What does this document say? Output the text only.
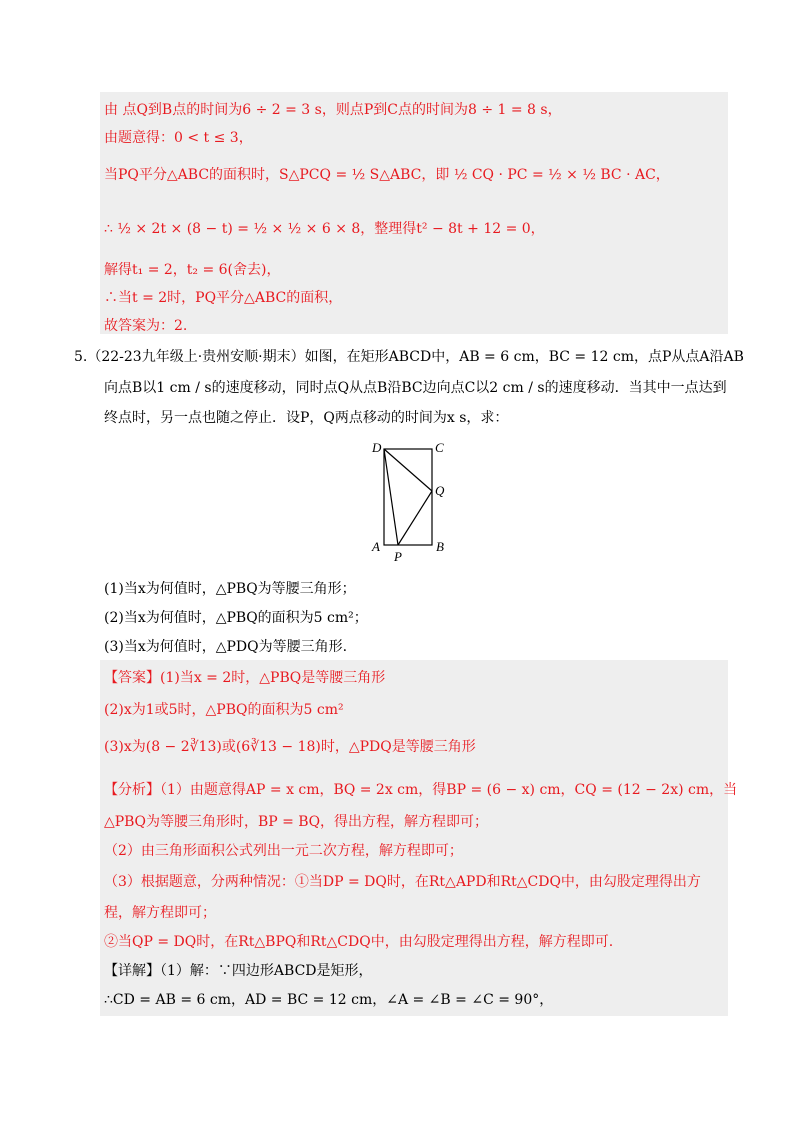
由 点Q到B点的时间为6 ÷ 2 = 3 s，则点P到C点的时间为8 ÷ 1 = 8 s，
由题意得：0 < t ≤ 3，
当PQ平分△ABC的面积时，S△PCQ = ½ S△ABC，即 ½ CQ · PC = ½ × ½ BC · AC，
∴ ½ × 2t × (8 − t) = ½ × ½ × 6 × 8，整理得t² − 8t + 12 = 0，
解得t₁ = 2，t₂ = 6(舍去)，
∴当t = 2时，PQ平分△ABC的面积，
故答案为：2.
5.（22-23九年级上·贵州安顺·期末）如图，在矩形ABCD中，AB = 6 cm，BC = 12 cm，点P从点A沿AB
向点B以1 cm / s的速度移动，同时点Q从点B沿BC边向点C以2 cm / s的速度移动．当其中一点达到
终点时，另一点也随之停止．设P，Q两点移动的时间为x s，求：
D	C
Q
A
P
B
(1)当x为何值时，△PBQ为等腰三角形；
(2)当x为何值时，△PBQ的面积为5 cm²；
(3)当x为何值时，△PDQ为等腰三角形.
【答案】(1)当x = 2时，△PBQ是等腰三角形
(2)x为1或5时，△PBQ的面积为5 cm²
(3)x为(8 − 2∛13)或(6∛13 − 18)时，△PDQ是等腰三角形
【分析】（1）由题意得AP = x cm，BQ = 2x cm，得BP = (6 − x) cm，CQ = (12 − 2x) cm，当
△PBQ为等腰三角形时，BP = BQ，得出方程，解方程即可；
（2）由三角形面积公式列出一元二次方程，解方程即可；
（3）根据题意，分两种情况：①当DP = DQ时，在Rt△APD和Rt△CDQ中，由勾股定理得出方
程，解方程即可；
②当QP = DQ时，在Rt△BPQ和Rt△CDQ中，由勾股定理得出方程，解方程即可.
【详解】（1）解：∵四边形ABCD是矩形，
∴CD = AB = 6 cm，AD = BC = 12 cm，∠A = ∠B = ∠C = 90°，
